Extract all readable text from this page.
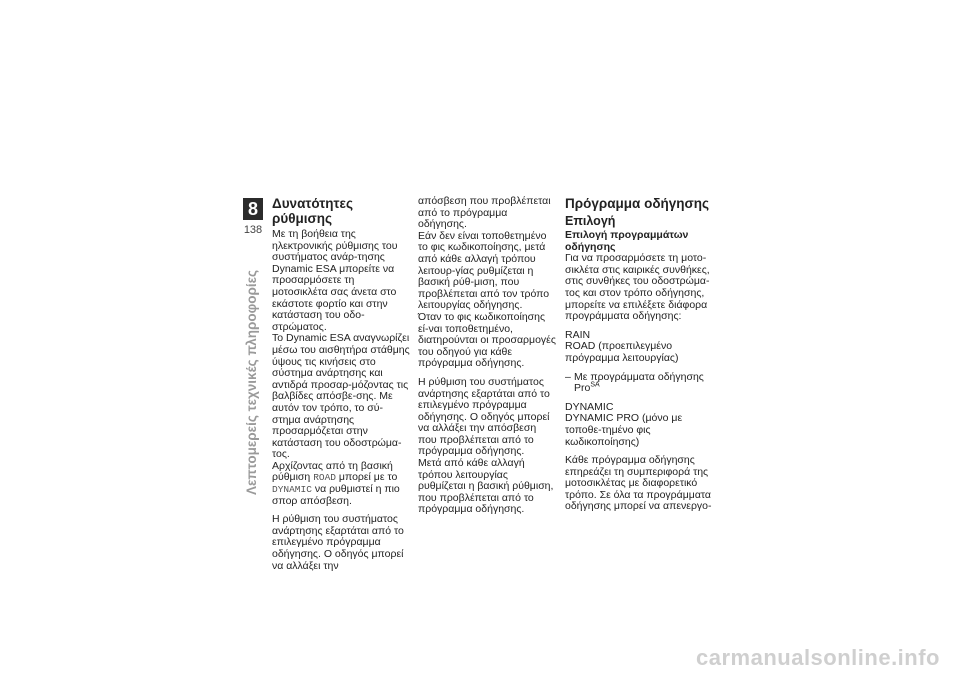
8
138
Λεπτομερείς τεχνικές πληροφορίες

Δυνατότητες ρύθμισης

Με τη βοήθεια της ηλεκτρονικής ρύθμισης του συστήματος ανάρ-τησης Dynamic ESA μπορείτε να προσαρμόσετε τη μοτοσικλέτα σας άνετα στο εκάστοτε φορτίο και στην κατάσταση του οδο-στρώματος.

Το Dynamic ESA αναγνωρίζει μέσω του αισθητήρα στάθμης ύψους τις κινήσεις στο σύστημα ανάρτησης και αντιδρά προσαρ-μόζοντας τις βαλβίδες απόσβε-σης. Με αυτόν τον τρόπο, το σύ-στημα ανάρτησης προσαρμόζεται στην κατάσταση του οδοστρώμα-τος.

Αρχίζοντας από τη βασική ρύθμιση ROAD μπορεί με το DYNAMIC να ρυθμιστεί η πιο σπορ απόσβεση.

Η ρύθμιση του συστήματος ανάρτησης εξαρτάται από το επιλεγμένο πρόγραμμα οδήγησης. Ο οδηγός μπορεί να αλλάξει την

απόσβεση που προβλέπεται από το πρόγραμμα οδήγησης.

Εάν δεν είναι τοποθετημένο το φις κωδικοποίησης, μετά από κάθε αλλαγή τρόπου λειτουρ-γίας ρυθμίζεται η βασική ρύθ-μιση, που προβλέπεται από τον τρόπο λειτουργίας οδήγησης.

Όταν το φις κωδικοποίησης εί-ναι τοποθετημένο, διατηρούνται οι προσαρμογές του οδηγού για κάθε πρόγραμμα οδήγησης.

Η ρύθμιση του συστήματος ανάρτησης εξαρτάται από το επιλεγμένο πρόγραμμα οδήγησης. Ο οδηγός μπορεί να αλλάξει την απόσβεση που προβλέπεται από το πρόγραμμα οδήγησης.

Μετά από κάθε αλλαγή τρόπου λειτουργίας ρυθμίζεται η βασική ρύθμιση, που προβλέπεται από το πρόγραμμα οδήγησης.

Πρόγραμμα οδήγησης

Επιλογή

Επιλογή προγραμμάτων οδήγησης

Για να προσαρμόσετε τη μοτο-σικλέτα στις καιρικές συνθήκες, στις συνθήκες του οδοστρώμα-τος και στον τρόπο οδήγησης, μπορείτε να επιλέξετε διάφορα προγράμματα οδήγησης:

RAIN

ROAD (προεπιλεγμένο πρόγραμμα λειτουργίας)

– Με προγράμματα οδήγησης Pro$^{SA}$

DYNAMIC

DYNAMIC PRO (μόνο με τοποθε-τημένο φις κωδικοποίησης)

Κάθε πρόγραμμα οδήγησης επηρεάζει τη συμπεριφορά της μοτοσικλέτας με διαφορετικό τρόπο. Σε όλα τα προγράμματα οδήγησης μπορεί να απενεργο-

carmanualsonline.info
